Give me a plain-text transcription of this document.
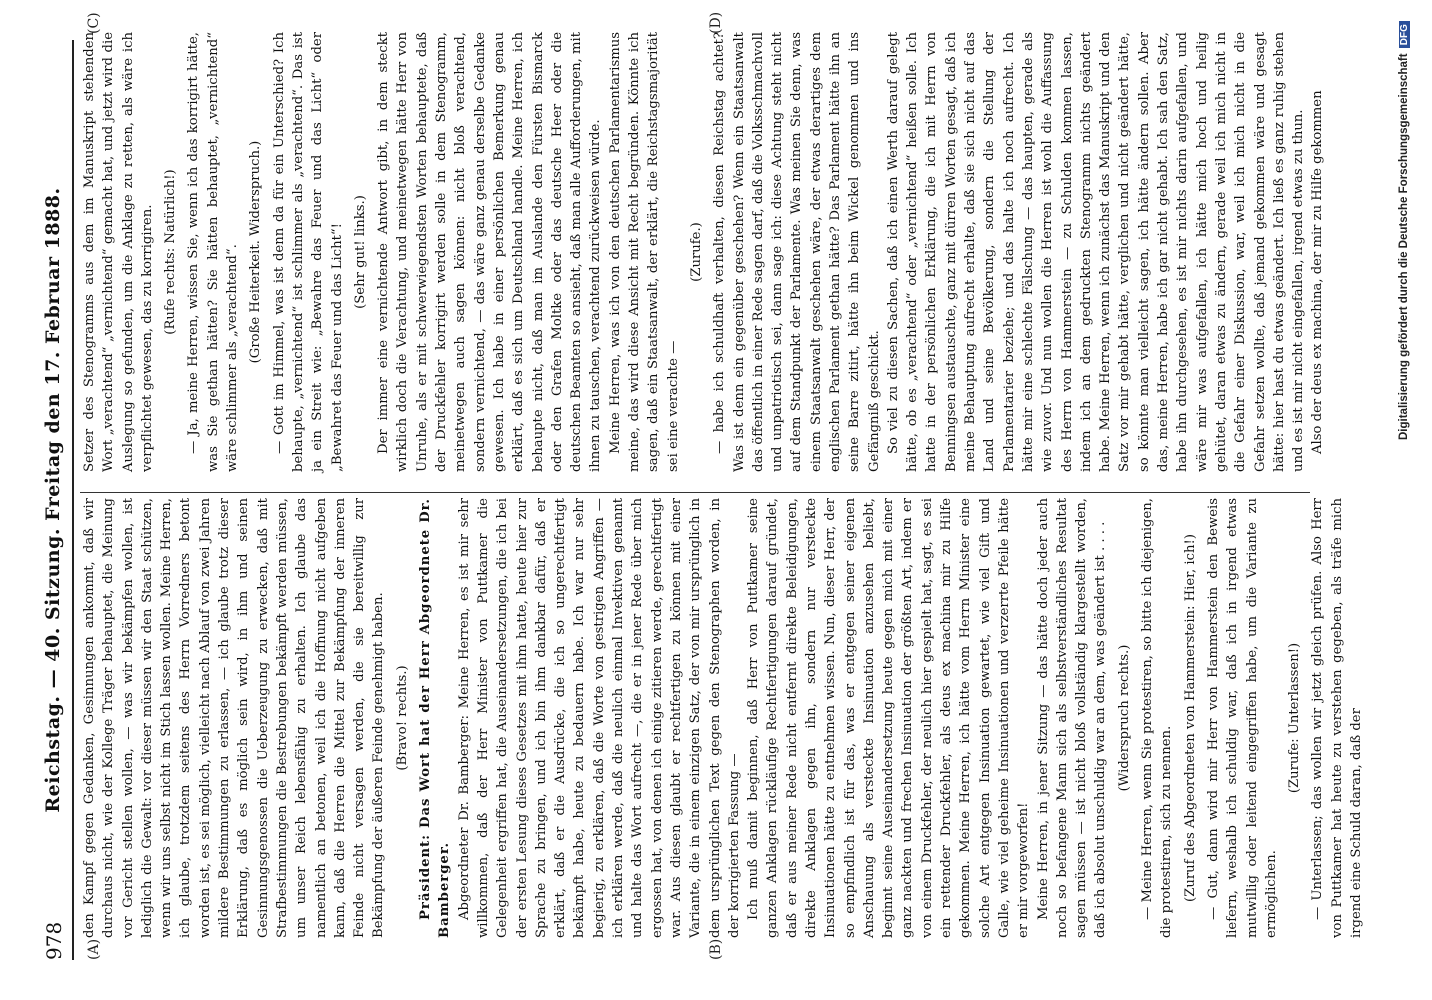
978
Reichstag. — 40. Sitzung. Freitag den 17. Februar 1888.
(A)	(B)
(C)	(D)

den Kampf gegen Gedanken, Gesinnungen ankommt, daß wir durchaus nicht, wie der Kollege Träger behauptet, die Meinung vor Gericht stellen wollen, — was wir bekämpfen wollen, ist lediglich die Gewalt: vor dieser müssen wir den Staat schützen, wenn wir uns selbst nicht im Stich lassen wollen. Meine Herren, ich glaube, trotzdem seitens des Herrn Vorredners betont worden ist, es sei möglich, vielleicht nach Ablauf von zwei Jahren mildere Bestimmungen zu erlassen, — ich glaube trotz dieser Erklärung, daß es möglich sein wird, in ihm und seinen Gesinnungsgenossen die Ueberzeugung zu erwecken, daß mit Strafbestimmungen die Bestrebungen bekämpft werden müssen, um unser Reich lebensfähig zu erhalten. Ich glaube das namentlich an betonen, weil ich die Hoffnung nicht aufgeben kann, daß die Herren die Mittel zur Bekämpfung der inneren Feinde nicht versagen werden, die sie bereitwillig zur Bekämpfung der äußeren Feinde genehmigt haben. (Bravo! rechts.) Präsident: Das Wort hat der Herr Abgeordnete Dr. Bamberger. Abgeordneter Dr. Bamberger: Meine Herren, es ist mir sehr willkommen, daß der Herr Minister von Puttkamer die Gelegenheit ergriffen hat, die Auseinandersetzungen, die ich bei der ersten Lesung dieses Gesetzes mit ihm hatte, heute hier zur Sprache zu bringen, und ich bin ihm dankbar dafür, daß er erklärt, daß er die Ausdrücke, die ich so ungerechtfertigt bekämpft habe, heute zu bedauern habe. Ich war nur sehr begierig, zu erklären, daß die Worte von gestrigen Angriffen — ich erklären werde, daß die neulich einmal Invektiven genannt und halte das Wort aufrecht —, die er in jener Rede über mich ergossen hat, von denen ich einige zitieren werde, gerechtfertigt war. Aus diesen glaubt er rechtfertigen zu können mit einer Variante, die in einem einzigen Satz, der von mir ursprünglich in dem ursprünglichen Text gegen den Stenographen worden, in der korrigierten Fassung — Ich muß damit beginnen, daß Herr von Puttkamer seine ganzen Anklagen rückläufige Rechtfertigungen darauf gründet, daß er aus meiner Rede nicht entfernt direkte Beleidigungen, direkte Anklagen gegen ihn, sondern nur versteckte Insinuationen hätte zu entnehmen wissen. Nun, dieser Herr, der so empfindlich ist für das, was er entgegen seiner eigenen Anschauung als versteckte Insinuation anzusehen beliebt, beginnt seine Auseinandersetzung heute gegen mich mit einer ganz nackten und frechen Insinuation der größten Art, indem er von einem Druckfehler, der neulich hier gespielt hat, sagt, es sei ein rettender Druckfehler, als deus ex machina mir zu Hilfe gekommen. Meine Herren, ich hätte vom Herrn Minister eine solche Art entgegen Insinuation gewartet, wie viel Gift und Galle, wie viel geheime Insinuationen und verzerrte Pfeile hätte er mir vorgeworfen! Meine Herren, in jener Sitzung — das hätte doch jeder auch noch so befangene Mann sich als selbstverständliches Resultat sagen müssen — ist nicht bloß vollständig klargestellt worden, daß ich absolut unschuldig war an dem, was geändert ist . . . . (Widerspruch rechts.) — Meine Herren, wenn Sie protestiren, so bitte ich diejenigen, die protestiren, sich zu nennen. (Zuruf des Abgeordneten von Hammerstein: Hier, ich!) — Gut, dann wird mir Herr von Hammerstein den Beweis liefern, weshalb ich schuldig war, daß ich in irgend etwas mutwillig oder leitend eingegriffen habe, um die Variante zu ermöglichen.

(Zurufe: Unterlassen!) — Unterlassen; das wollen wir jetzt gleich prüfen. Also Herr von Puttkamer hat heute zu verstehen gegeben, als träfe mich irgend eine Schuld daran, daß der

Setzer des Stenogramms aus dem im Manuskript stehenden Wort „verachtend“ „vernichtend“ gemacht hat, und jetzt wird die Auslegung so gefunden, um die Anklage zu retten, als wäre ich verpflichtet gewesen, das zu korrigiren. (Rufe rechts: Natürlich!) — Ja, meine Herren, wissen Sie, wenn ich das korrigirt hätte, was Sie gethan hätten? Sie hätten behauptet, „vernichtend“ wäre schlimmer als „verachtend“. (Große Heiterkeit. Widerspruch.) — Gott im Himmel, was ist denn da für ein Unterschied? Ich behaupte, „vernichtend“ ist schlimmer als „verachtend“. Das ist ja ein Streit wie: „Bewahre das Feuer und das Licht“ oder „Bewahret das Feuer und das Licht“! (Sehr gut! links.) Der immer eine vernichtende Antwort gibt, in dem steckt wirklich doch die Verachtung, und meinetwegen hätte Herr von Unruhe, als er mit schwerwiegendsten Worten behauptete, daß der Druckfehler korrigirt werden solle in dem Stenogramm, meinetwegen auch sagen können: nicht bloß verachtend, sondern vernichtend, — das wäre ganz genau derselbe Gedanke gewesen. Ich habe in einer persönlichen Bemerkung genau erklärt, daß es sich um Deutschland handle. Meine Herren, ich behaupte nicht, daß man im Auslande den Fürsten Bismarck oder den Grafen Moltke oder das deutsche Heer oder die deutschen Beamten so ansieht, daß man alle Aufforderungen, mit ihnen zu tauschen, verachtend zurückweisen würde. Meine Herren, was ich von den deutschen Parlamentarismus meine, das wird diese Ansicht mit Recht begründen. Könnte ich sagen, daß ein Staatsanwalt, der erklärt, die Reichstagsmajorität sei eine verachte —

(Zurufe.) — habe ich schuldhaft verhalten, diesen Reichstag achtet? Was ist denn ein gegenüber geschehen? Wenn ein Staatsanwalt das öffentlich in einer Rede sagen darf, daß die Volksschmachvoll und unpatriotisch sei, dann sage ich: diese Achtung steht nicht auf dem Standpunkt der Parlamente. Was meinen Sie denn, was einem Staatsanwalt geschehen wäre, der etwas derartiges dem englischen Parlament gethan hätte? Das Parlament hätte ihn an seine Barre zitirt, hätte ihn beim Wickel genommen und ins Gefängniß geschickt. So viel zu diesen Sachen, daß ich einen Werth darauf gelegt hätte, ob es „verachtend“ oder „vernichtend“ heißen solle. Ich hatte in der persönlichen Erklärung, die ich mit Herrn von Benningsen austauschte, ganz mit dürren Worten gesagt, daß ich meine Behauptung aufrecht erhalte, daß sie sich nicht auf das Land und seine Bevölkerung, sondern die Stellung der Parlamentarier beziehe; und das halte ich noch aufrecht. Ich hätte mir eine schlechte Fälschung — das haupten, gerade als wie zuvor. Und nun wollen die Herren ist wohl die Auffassung des Herrn von Hammerstein — zu Schulden kommen lassen, indem ich an dem gedruckten Stenogramm nichts geändert habe. Meine Herren, wenn ich zunächst das Manuskript und den Satz vor mir gehabt hätte, verglichen und nicht geändert hätte, so könnte man vielleicht sagen, ich hätte ändern sollen. Aber das, meine Herren, habe ich gar nicht gehabt. Ich sah den Satz, habe ihn durchgesehen, es ist mir nichts darin aufgefallen, und wäre mir was aufgefallen, ich hätte mich hoch und heilig gehütet, daran etwas zu ändern, gerade weil ich mich nicht in die Gefahr einer Diskussion, war, weil ich mich nicht in die Gefahr setzen wollte, daß jemand gekommen wäre und gesagt hätte: hier hast du etwas geändert. Ich ließ es ganz ruhig stehen und es ist mir nicht eingefallen, irgend etwas zu thun. Also der deus ex machina, der mir zu Hilfe gekommen	Digitalisierung gefördert durch die Deutsche Forschungsgemeinschaft DFG
